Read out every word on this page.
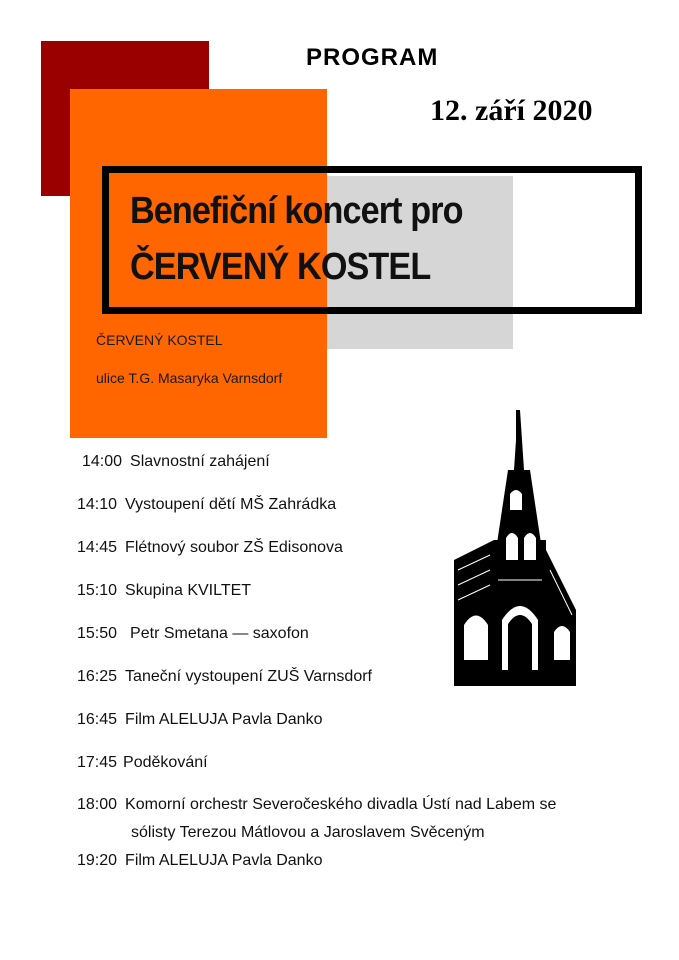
PROGRAM
12. září 2020
Benefiční koncert pro
ČERVENÝ KOSTEL
ČERVENÝ KOSTEL
ulice T.G. Masaryka Varnsdorf
14:00 Slavnostní zahájení
14:10 Vystoupení dětí MŠ Zahrádka
14:45 Flétnový soubor ZŠ Edisonova
15:10 Skupina KVILTET
15:50 Petr Smetana — saxofon
16:25 Taneční vystoupení ZUŠ Varnsdorf
16:45 Film ALELUJA Pavla Danko
17:45 Poděkování
18:00 Komorní orchestr Severočeského divadla Ústí nad Labem se
sólisty Terezou Mátlovou a Jaroslavem Svěceným
19:20 Film ALELUJA Pavla Danko
